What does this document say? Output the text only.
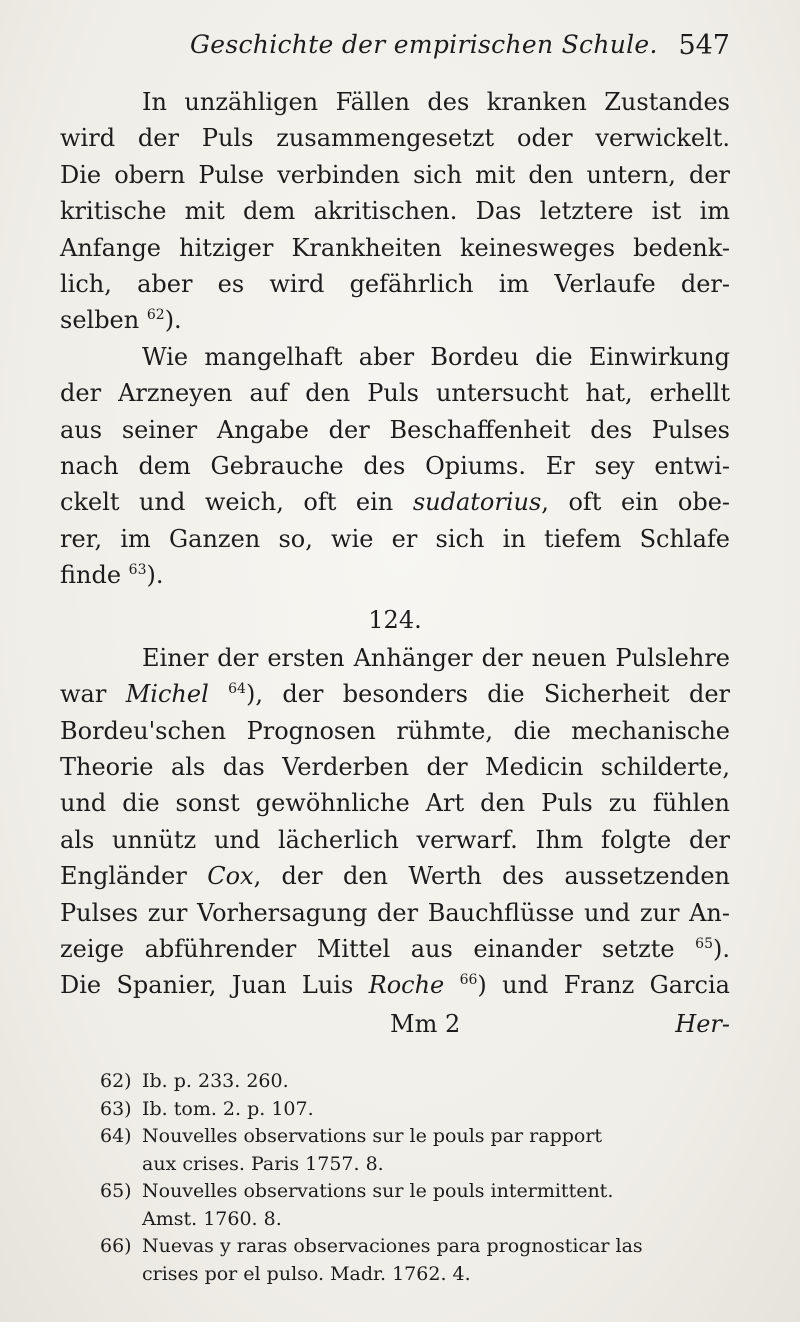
Geschichte der empirischen Schule. 547
In unzähligen Fällen des kranken Zustandes
wird der Puls zusammengesetzt oder verwickelt.
Die obern Pulse verbinden sich mit den untern, der
kritische mit dem akritischen. Das letztere ist im
Anfange hitziger Krankheiten keinesweges bedenk-
lich, aber es wird gefährlich im Verlaufe der-
selben $^{62}$).
Wie mangelhaft aber Bordeu die Einwirkung
der Arzneyen auf den Puls untersucht hat, erhellt
aus seiner Angabe der Beschaffenheit des Pulses
nach dem Gebrauche des Opiums. Er sey entwi-
ckelt und weich, oft ein sudatorius, oft ein obe-
rer, im Ganzen so, wie er sich in tiefem Schlafe
finde $^{63}$).
124.
Einer der ersten Anhänger der neuen Pulslehre
war Michel $^{64}$), der besonders die Sicherheit der
Bordeu'schen Prognosen rühmte, die mechanische
Theorie als das Verderben der Medicin schilderte,
und die sonst gewöhnliche Art den Puls zu fühlen
als unnütz und lächerlich verwarf. Ihm folgte der
Engländer Cox, der den Werth des aussetzenden
Pulses zur Vorhersagung der Bauchflüsse und zur An-
zeige abführender Mittel aus einander setzte $^{65}$).
Die Spanier, Juan Luis Roche $^{66}$) und Franz Garcia
Mm 2	Her-
62) Ib. p. 233. 260.
63) Ib. tom. 2. p. 107.
64) Nouvelles observations sur le pouls par rapport
aux crises. Paris 1757. 8.
65) Nouvelles observations sur le pouls intermittent.
Amst. 1760. 8.
66) Nuevas y raras observaciones para prognosticar las
crises por el pulso. Madr. 1762. 4.
